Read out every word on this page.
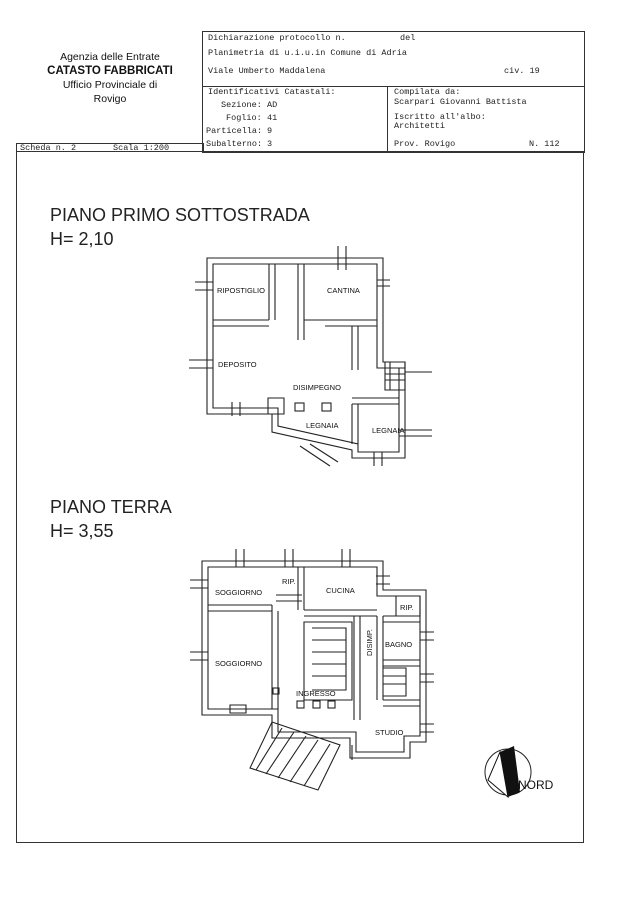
Agenzia delle Entrate
CATASTO FABBRICATI
Ufficio Provinciale di
Rovigo
Dichiarazione protocollo n.	del
Planimetria di u.i.u.in Comune di Adria
Viale Umberto Maddalena	civ. 19
Identificativi Catastali:
Sezione: AD
Foglio: 41
Particella: 9
Subalterno: 3
Compilata da:
Scarpari Giovanni Battista
Iscritto all'albo:
Architetti
Prov. Rovigo	N. 112
Scheda n. 2	Scala 1:200
PIANO PRIMO SOTTOSTRADA
H= 2,10
PIANO TERRA
H= 3,55
RIPOSTIGLIO	CANTINA
DEPOSITO
DISIMPEGNO
LEGNAIA
LEGNAIA
SOGGIORNO
RIP.
CUCINA
RIP.
SOGGIORNO
DISIMP. BAGNO
INGRESSO
STUDIO
NORD
